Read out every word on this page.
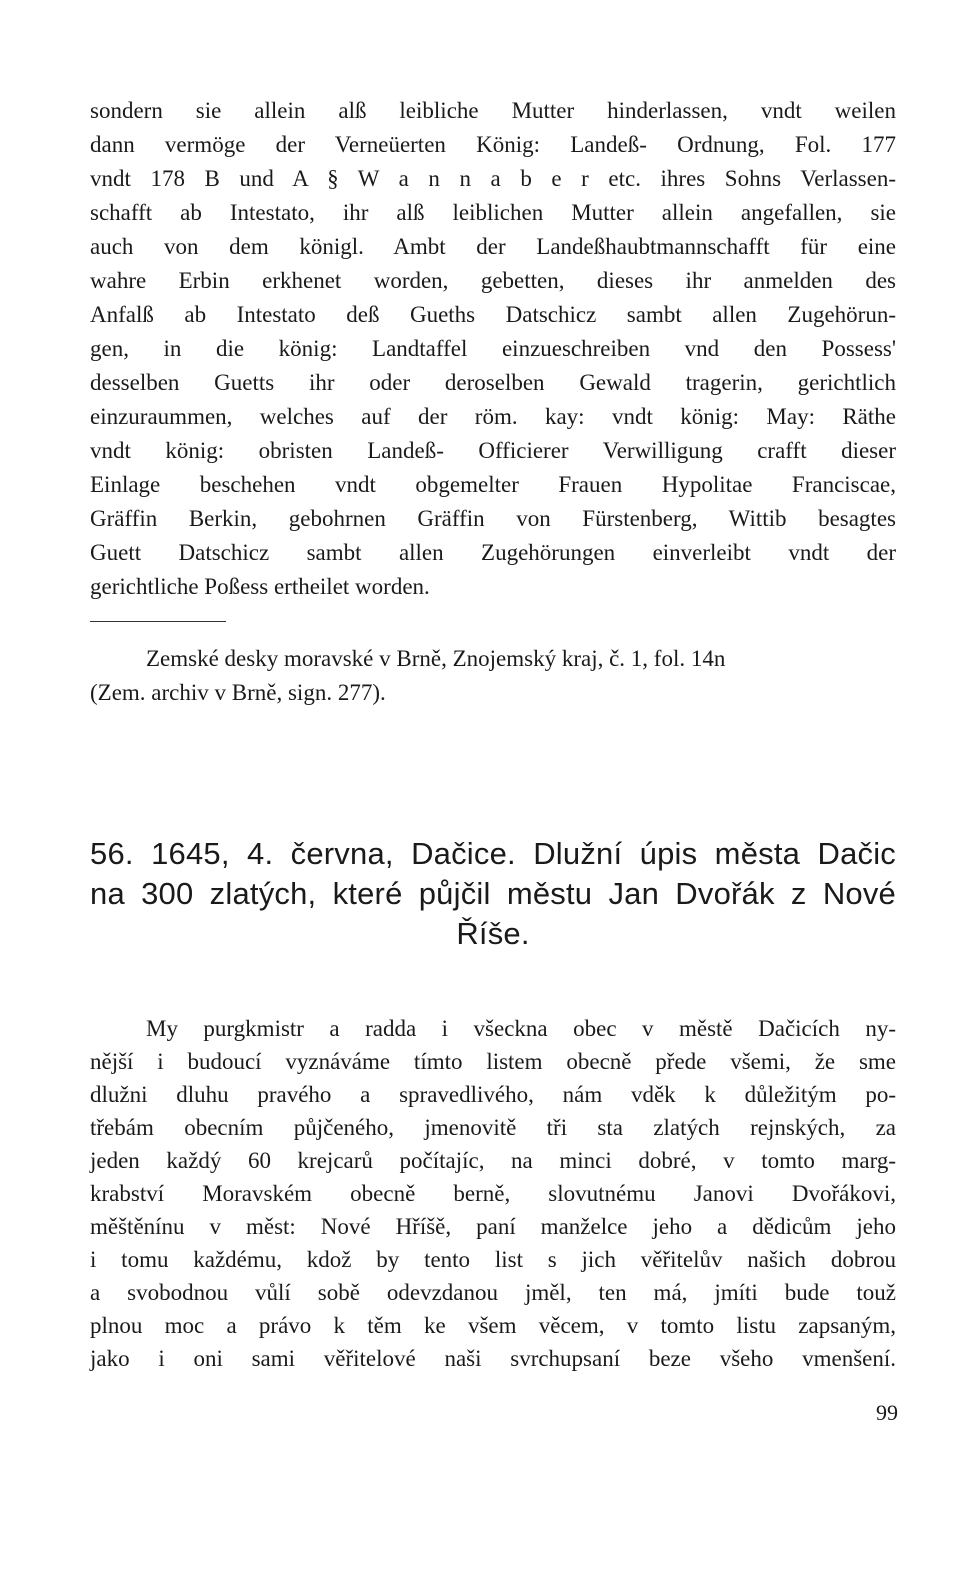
sondern sie allein alß leibliche Mutter hinderlassen, vndt weilen
dann vermöge der Verneüerten König: Landeß- Ordnung, Fol. 177
vndt 178 B und A § W a n n a b e r etc. ihres Sohns Verlassen-
schafft ab Intestato, ihr alß leiblichen Mutter allein angefallen, sie
auch von dem königl. Ambt der Landeßhaubtmannschafft für eine
wahre Erbin erkhenet worden, gebetten, dieses ihr anmelden des
Anfalß ab Intestato deß Gueths Datschicz sambt allen Zugehörun-
gen, in die könig: Landtaffel einzueschreiben vnd den Possess'
desselben Guetts ihr oder deroselben Gewald tragerin, gerichtlich
einzuraummen, welches auf der röm. kay: vndt könig: May: Räthe
vndt könig: obristen Landeß- Officierer Verwilligung crafft dieser
Einlage beschehen vndt obgemelter Frauen Hypolitae Franciscae,
Gräffin Berkin, gebohrnen Gräffin von Fürstenberg, Wittib besagtes
Guett Datschicz sambt allen Zugehörungen einverleibt vndt der
gerichtliche Poßess ertheilet worden.
Zemské desky moravské v Brně, Znojemský kraj, č. 1, fol. 14n
(Zem. archiv v Brně, sign. 277).
56. 1645, 4. června, Dačice. Dlužní úpis města Dačic
na 300 zlatých, které půjčil městu Jan Dvořák z Nové
Říše.
My purgkmistr a radda i všeckna obec v městě Dačicích ny-
nější i budoucí vyznáváme tímto listem obecně přede všemi, že sme
dlužni dluhu pravého a spravedlivého, nám vděk k důležitým po-
třebám obecním půjčeného, jmenovitě tři sta zlatých rejnských, za
jeden každý 60 krejcarů počítajíc, na minci dobré, v tomto marg-
krabství Moravském obecně berně, slovutnému Janovi Dvořákovi,
měštěnínu v měst: Nové Hříšě, paní manželce jeho a dědicům jeho
i tomu každému, kdož by tento list s jich věřitelův našich dobrou
a svobodnou vůlí sobě odevzdanou jměl, ten má, jmíti bude touž
plnou moc a právo k těm ke všem věcem, v tomto listu zapsaným,
jako i oni sami věřitelové naši svrchupsaní beze všeho vmenšení.
99
